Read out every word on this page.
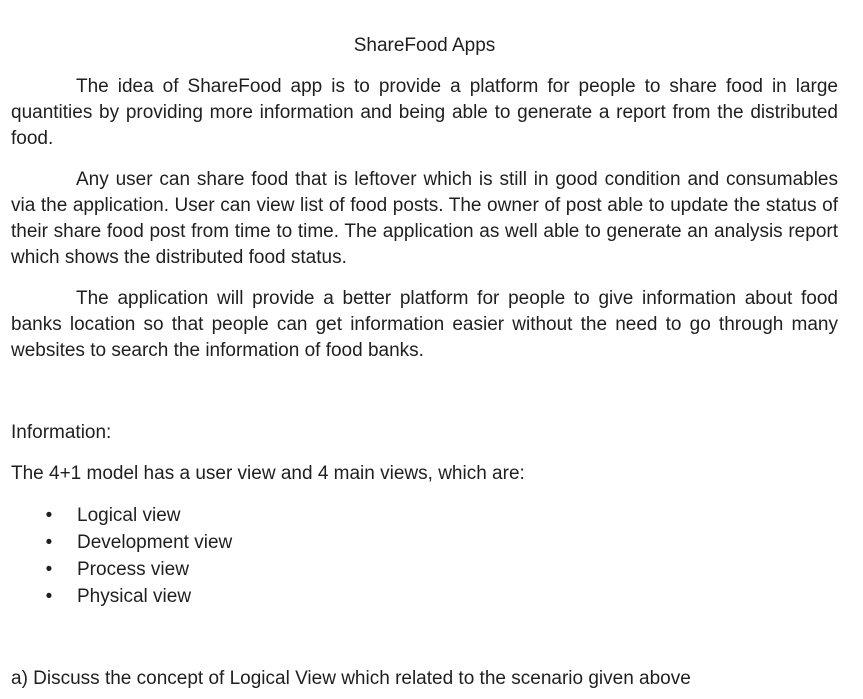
ShareFood Apps

The idea of ShareFood app is to provide a platform for people to share food in large quantities by providing more information and being able to generate a report from the distributed food.

Any user can share food that is leftover which is still in good condition and consumables via the application. User can view list of food posts. The owner of post able to update the status of their share food post from time to time. The application as well able to generate an analysis report which shows the distributed food status.

The application will provide a better platform for people to give information about food banks location so that people can get information easier without the need to go through many websites to search the information of food banks.

Information:
The 4+1 model has a user view and 4 main views, which are:
• Logical view
• Development view
• Process view
• Physical view
a) Discuss the concept of Logical View which related to the scenario given above
